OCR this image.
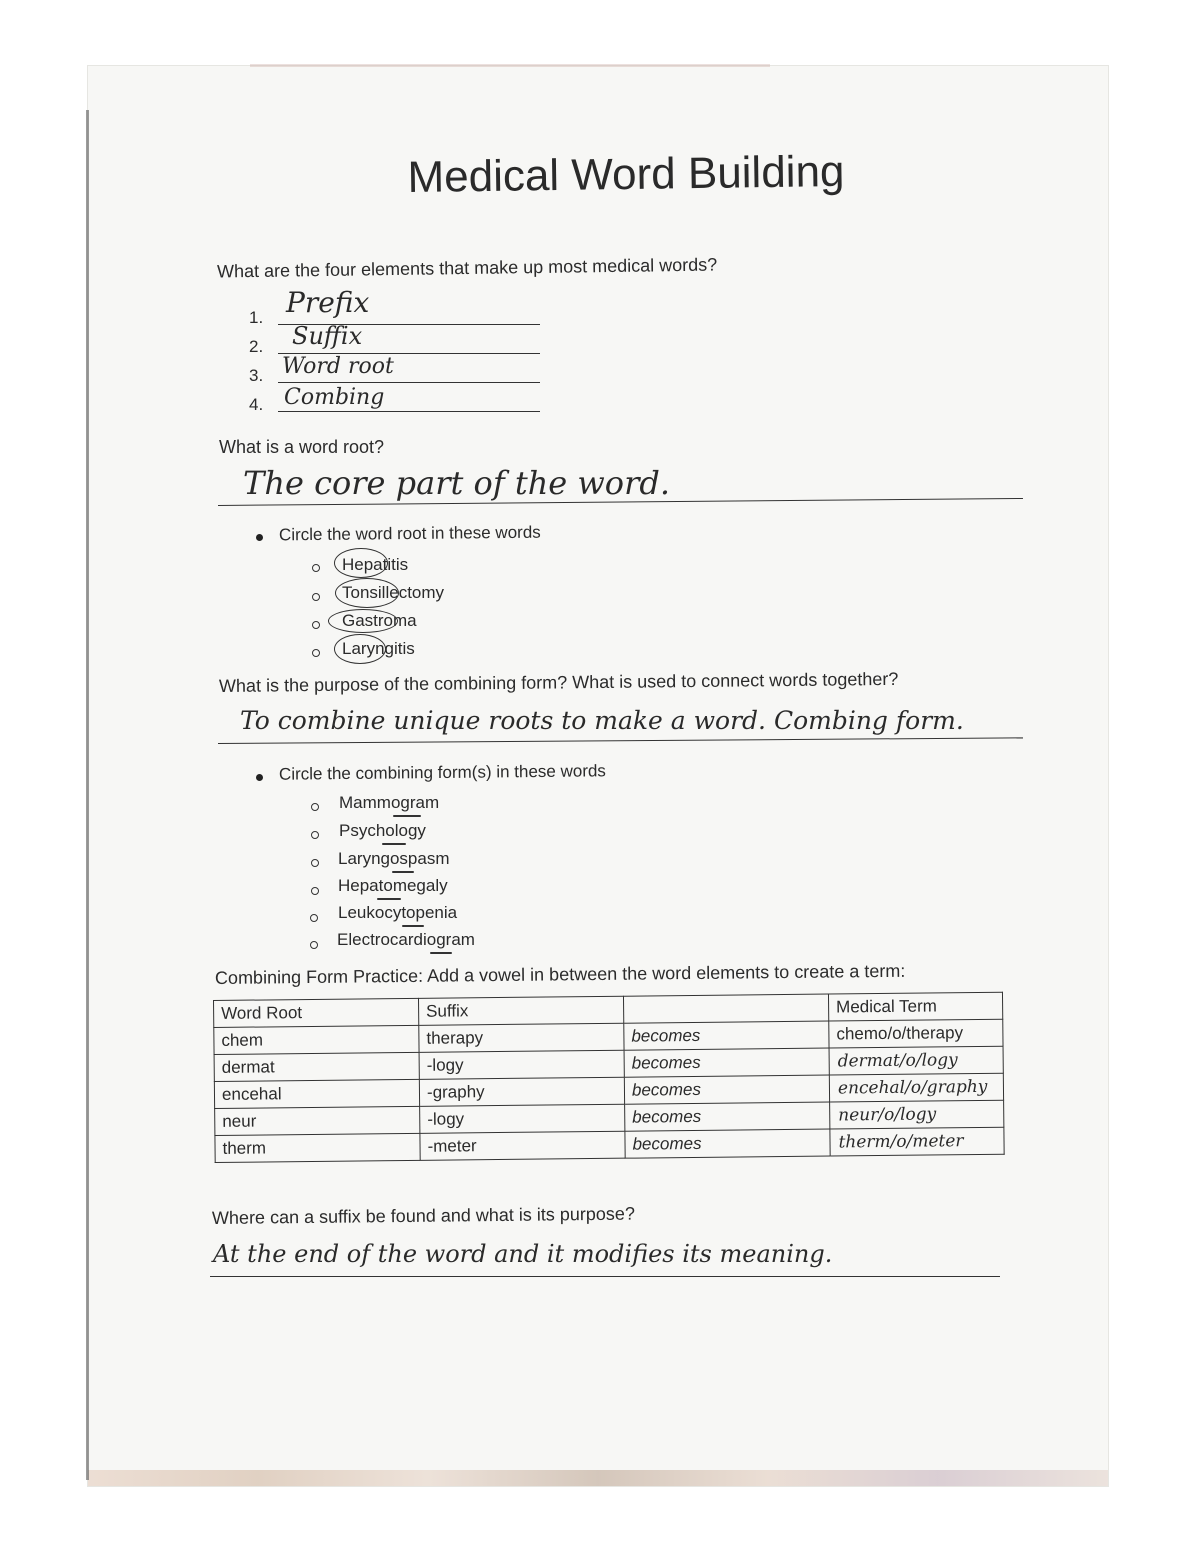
Medical Word Building
What are the four elements that make up most medical words?
1. Prefix
2. Suffix
3. Word root
4. Combing
What is a word root?
The core part of the word.
Circle the word root in these words
Hepatitis
Tonsillectomy
Gastroma
Laryngitis
What is the purpose of the combining form? What is used to connect words together?
To combine unique roots to make a word. Combing form.
Circle the combining form(s) in these words
Mammogram
Psychology
Laryngospasm
Hepatomegaly
Leukocytopenia
Electrocardiogram
Combining Form Practice: Add a vowel in between the word elements to create a term:
Word Root	Suffix		Medical Term
chem	therapy	becomes	chemo/o/therapy
dermat	-logy	becomes	dermat/o/logy
encehal	-graphy	becomes	encehal/o/graphy
neur	-logy	becomes	neur/o/logy
therm	-meter	becomes	therm/o/meter
Where can a suffix be found and what is its purpose?
At the end of the word and it modifies its meaning.
